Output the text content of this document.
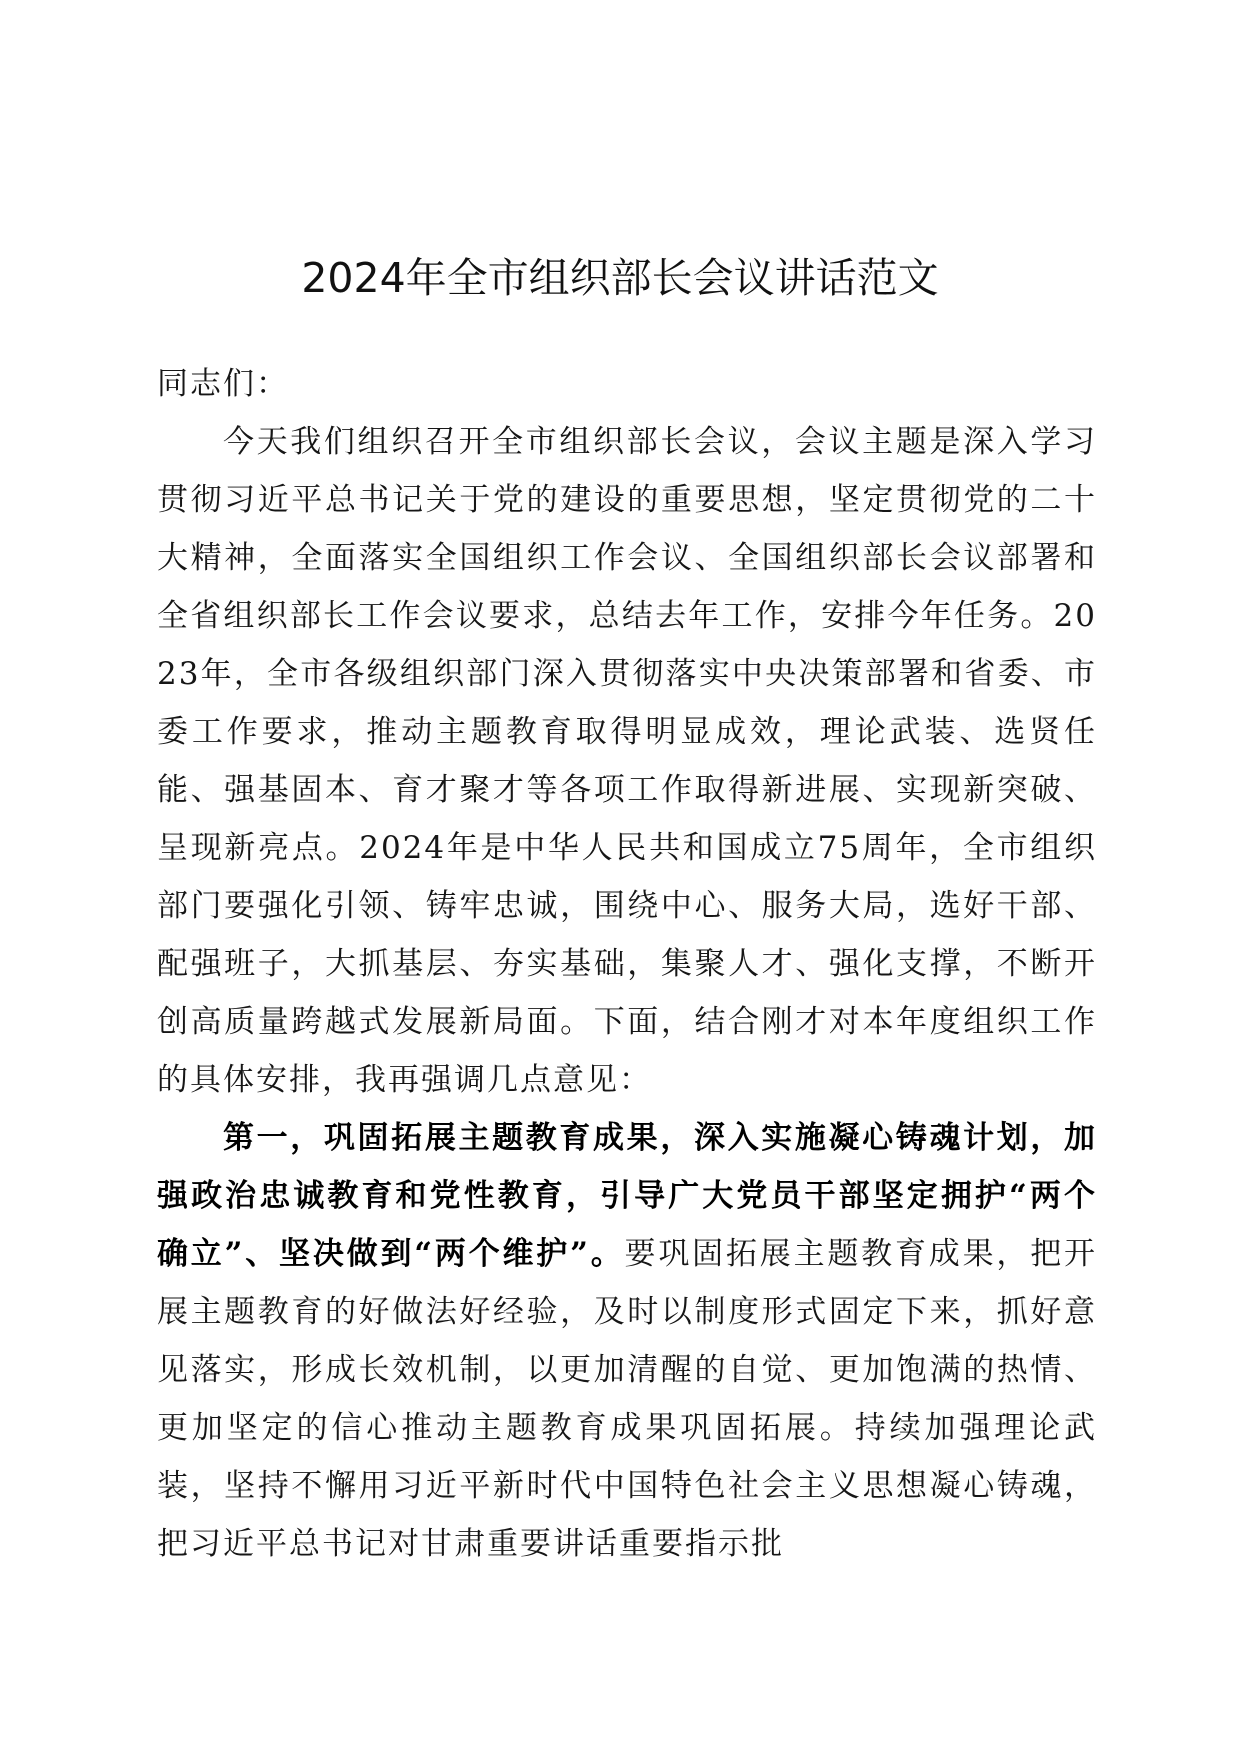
2024年全市组织部长会议讲话范文

同志们：

今天我们组织召开全市组织部长会议，会议主题是深入学习贯彻习近平总书记关于党的建设的重要思想，坚定贯彻党的二十大精神，全面落实全国组织工作会议、全国组织部长会议部署和全省组织部长工作会议要求，总结去年工作，安排今年任务。2023年，全市各级组织部门深入贯彻落实中央决策部署和省委、市委工作要求，推动主题教育取得明显成效，理论武装、选贤任能、强基固本、育才聚才等各项工作取得新进展、实现新突破、呈现新亮点。2024年是中华人民共和国成立75周年，全市组织部门要强化引领、铸牢忠诚，围绕中心、服务大局，选好干部、配强班子，大抓基层、夯实基础，集聚人才、强化支撑，不断开创高质量跨越式发展新局面。下面，结合刚才对本年度组织工作的具体安排，我再强调几点意见：

第一，巩固拓展主题教育成果，深入实施凝心铸魂计划，加强政治忠诚教育和党性教育，引导广大党员干部坚定拥护“两个确立”、坚决做到“两个维护”。要巩固拓展主题教育成果，把开展主题教育的好做法好经验，及时以制度形式固定下来，抓好意见落实，形成长效机制，以更加清醒的自觉、更加饱满的热情、更加坚定的信心推动主题教育成果巩固拓展。持续加强理论武装，坚持不懈用习近平新时代中国特色社会主义思想凝心铸魂，把习近平总书记对甘肃重要讲话重要指示批
